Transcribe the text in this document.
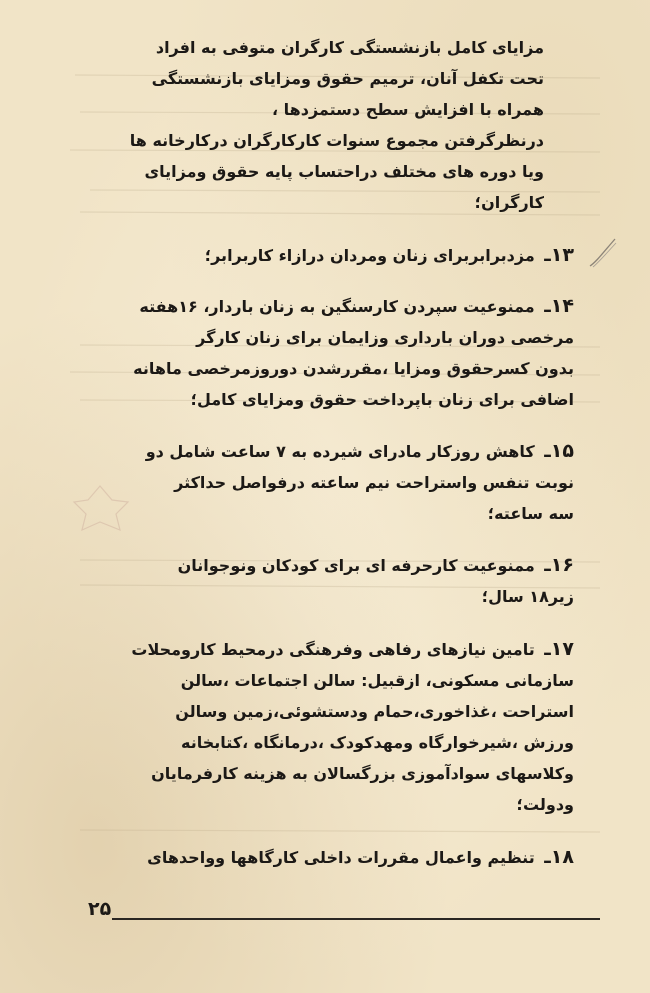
مزایای کامل بازنشستگی کارگران متوفی به افراد
تحت تکفل آنان، ترمیم حقوق ومزایای بازنشستگی
همراه با افزایش سطح دستمزدها ،
درنظرگرفتن مجموع سنوات کارکارگران درکارخانه ها
ویا دوره های مختلف دراحتساب پایه حقوق ومزایای
کارگران؛
۱۳ـ مزدبرابربرای زنان ومردان درازاء کاربرابر؛
۱۴ـ ممنوعیت سپردن کارسنگین به زنان باردار، ۱۶هفته
مرخصی دوران بارداری وزایمان برای زنان کارگر
بدون کسرحقوق ومزایا ،مقررشدن دوروزمرخصی ماهانه
اضافی برای زنان باپرداخت حقوق ومزایای کامل؛
۱۵ـ کاهش روزکار مادرای شیرده به ۷ ساعت شامل دو
نوبت تنفس واستراحت نیم ساعته درفواصل حداکثر
سه ساعته؛
۱۶ـ ممنوعیت کارحرفه ای برای کودکان ونوجوانان
زیر۱۸ سال؛
۱۷ـ تامین نیازهای رفاهی وفرهنگی درمحیط کارومحلات
سازمانی مسکونی، ازقبیل: سالن اجتماعات ،سالن
استراحت ،غذاخوری،حمام ودستشوئی،زمین وسالن
ورزش ،شیرخوارگاه ومهدکودک ،درمانگاه ،کتابخانه
وکلاسهای سوادآموزی بزرگسالان به هزینه کارفرمایان
ودولت؛
۱۸ـ تنظیم واعمال مقررات داخلی کارگاهها وواحدهای
۲۵
